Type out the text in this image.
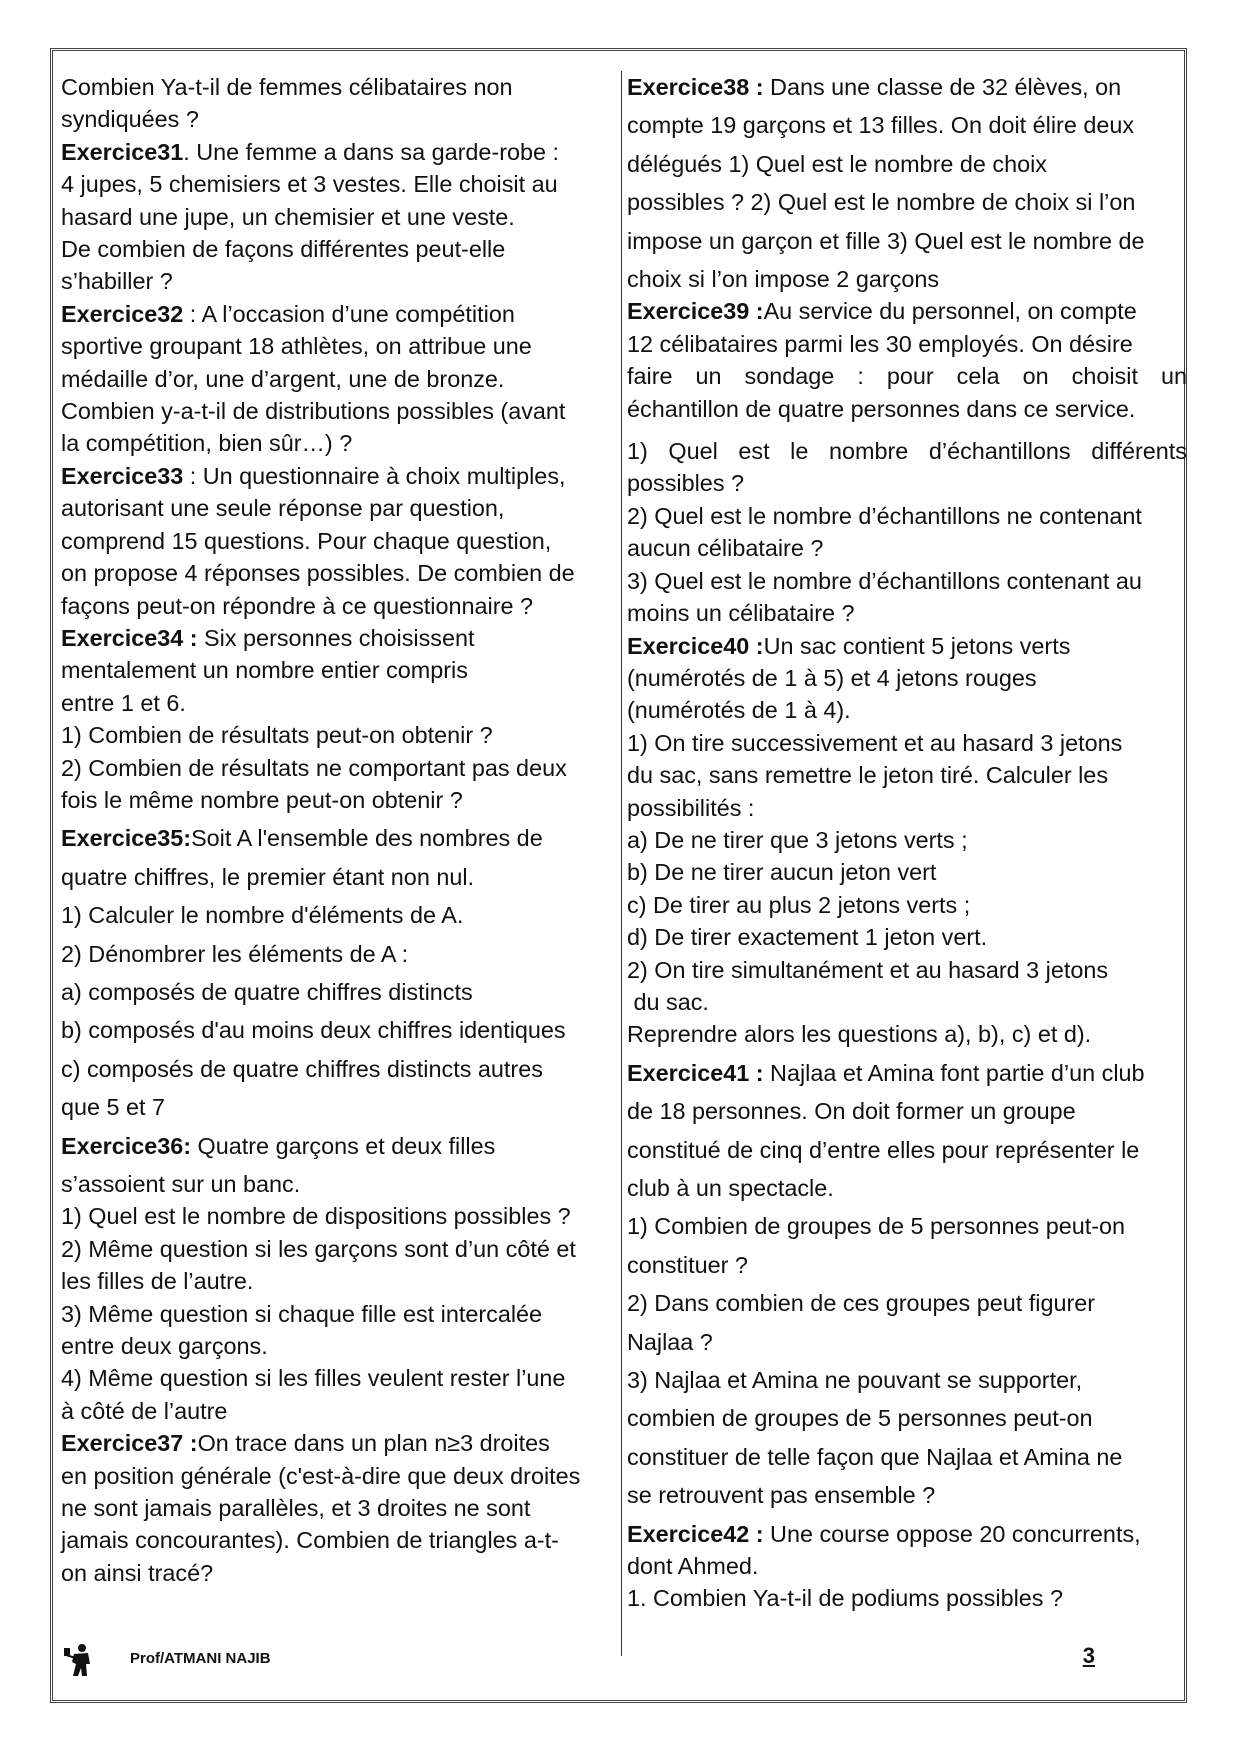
Combien Ya-t-il de femmes célibataires non

syndiquées ?

Exercice31. Une femme a dans sa garde-robe :

4 jupes, 5 chemisiers et 3 vestes. Elle choisit au

hasard une jupe, un chemisier et une veste.

De combien de façons différentes peut-elle

s’habiller ?

Exercice32 : A l’occasion d’une compétition

sportive groupant 18 athlètes, on attribue une

médaille d’or, une d’argent, une de bronze.

Combien y-a-t-il de distributions possibles (avant

la compétition, bien sûr…) ?

Exercice33 : Un questionnaire à choix multiples,

autorisant une seule réponse par question,

comprend 15 questions. Pour chaque question,

on propose 4 réponses possibles. De combien de

façons peut-on répondre à ce questionnaire ?

Exercice34 : Six personnes choisissent

mentalement un nombre entier compris

entre 1 et 6.

1) Combien de résultats peut-on obtenir ?

2) Combien de résultats ne comportant pas deux

fois le même nombre peut-on obtenir ?

Exercice35:Soit A l'ensemble des nombres de

quatre chiffres, le premier étant non nul.

1) Calculer le nombre d'éléments de A.

2) Dénombrer les éléments de A :

a) composés de quatre chiffres distincts

b) composés d'au moins deux chiffres identiques

c) composés de quatre chiffres distincts autres

que 5 et 7

Exercice36: Quatre garçons et deux filles

s’assoient sur un banc.

1) Quel est le nombre de dispositions possibles ?

2) Même question si les garçons sont d’un côté et

les filles de l’autre.

3) Même question si chaque fille est intercalée

entre deux garçons.

4) Même question si les filles veulent rester l’une

à côté de l’autre

Exercice37 :On trace dans un plan n≥3 droites

en position générale (c'est-à-dire que deux droites

ne sont jamais parallèles, et 3 droites ne sont

jamais concourantes). Combien de triangles a-t-

on ainsi tracé?

Exercice38 : Dans une classe de 32 élèves, on

compte 19 garçons et 13 filles. On doit élire deux

délégués 1) Quel est le nombre de choix

possibles ? 2) Quel est le nombre de choix si l’on

impose un garçon et fille 3) Quel est le nombre de

choix si l’on impose 2 garçons

Exercice39 :Au service du personnel, on compte

12 célibataires parmi les 30 employés. On désire

faire un sondage : pour cela on choisit un

échantillon de quatre personnes dans ce service.

1) Quel est le nombre d’échantillons différents

possibles ?

2) Quel est le nombre d’échantillons ne contenant

aucun célibataire ?

3) Quel est le nombre d’échantillons contenant au

moins un célibataire ?

Exercice40 :Un sac contient 5 jetons verts

(numérotés de 1 à 5) et 4 jetons rouges

(numérotés de 1 à 4).

1) On tire successivement et au hasard 3 jetons

du sac, sans remettre le jeton tiré. Calculer les

possibilités :

a) De ne tirer que 3 jetons verts ;

b) De ne tirer aucun jeton vert

c) De tirer au plus 2 jetons verts ;

d) De tirer exactement 1 jeton vert.

2) On tire simultanément et au hasard 3 jetons

du sac.

Reprendre alors les questions a), b), c) et d).

Exercice41 : Najlaa et Amina font partie d’un club

de 18 personnes. On doit former un groupe

constitué de cinq d’entre elles pour représenter le

club à un spectacle.

1) Combien de groupes de 5 personnes peut-on

constituer ?

2) Dans combien de ces groupes peut figurer

Najlaa ?

3) Najlaa et Amina ne pouvant se supporter,

combien de groupes de 5 personnes peut-on

constituer de telle façon que Najlaa et Amina ne

se retrouvent pas ensemble ?

Exercice42 : Une course oppose 20 concurrents,

dont Ahmed.

1. Combien Ya-t-il de podiums possibles ?

Prof/ATMANI NAJIB	3
